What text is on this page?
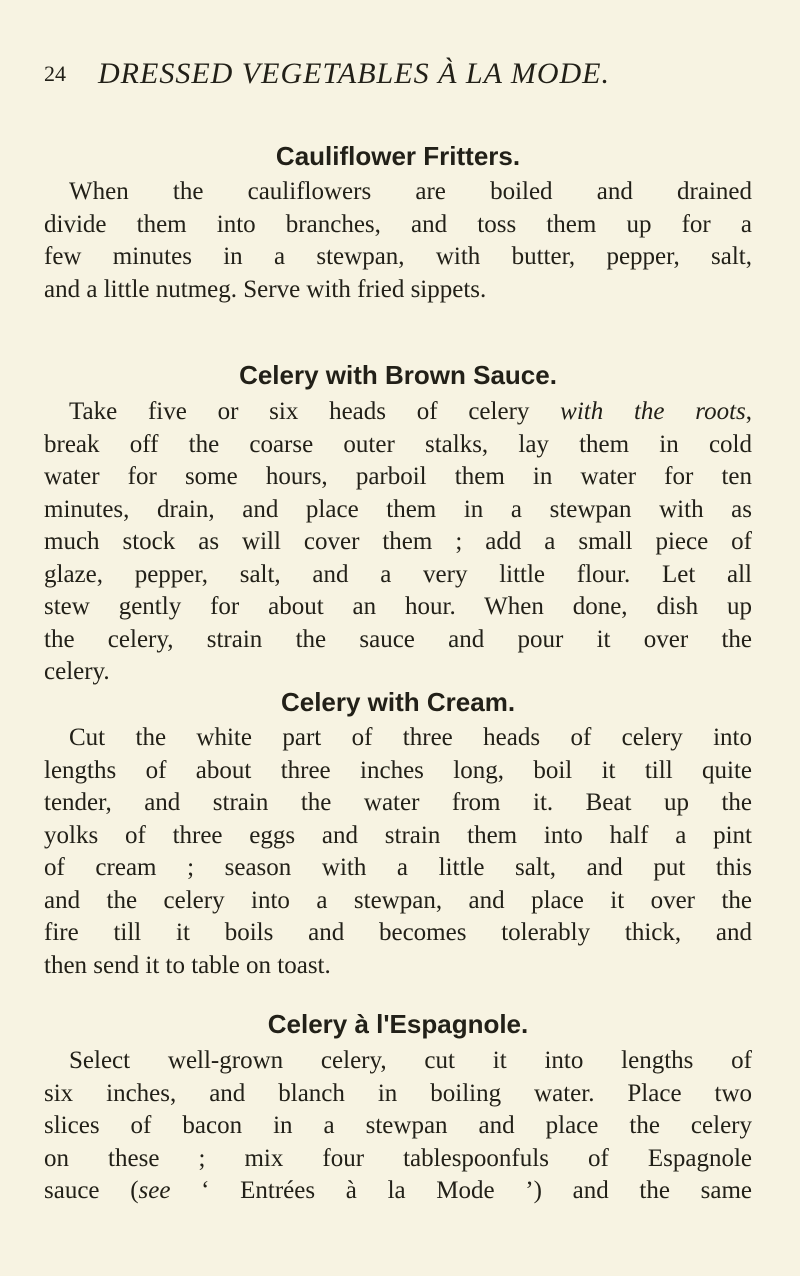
24 DRESSED VEGETABLES À LA MODE.
Cauliflower Fritters.
When the cauliflowers are boiled and drained
divide them into branches, and toss them up for a
few minutes in a stewpan, with butter, pepper, salt,
and a little nutmeg. Serve with fried sippets.
Celery with Brown Sauce.
Take five or six heads of celery with the roots,
break off the coarse outer stalks, lay them in cold
water for some hours, parboil them in water for ten
minutes, drain, and place them in a stewpan with as
much stock as will cover them ; add a small piece of
glaze, pepper, salt, and a very little flour. Let all
stew gently for about an hour. When done, dish up
the celery, strain the sauce and pour it over the
celery.
Celery with Cream.
Cut the white part of three heads of celery into
lengths of about three inches long, boil it till quite
tender, and strain the water from it. Beat up the
yolks of three eggs and strain them into half a pint
of cream ; season with a little salt, and put this
and the celery into a stewpan, and place it over the
fire till it boils and becomes tolerably thick, and
then send it to table on toast.
Celery à l'Espagnole.
Select well-grown celery, cut it into lengths of
six inches, and blanch in boiling water. Place two
slices of bacon in a stewpan and place the celery
on these ; mix four tablespoonfuls of Espagnole
sauce (see ‘ Entrées à la Mode ’) and the same
